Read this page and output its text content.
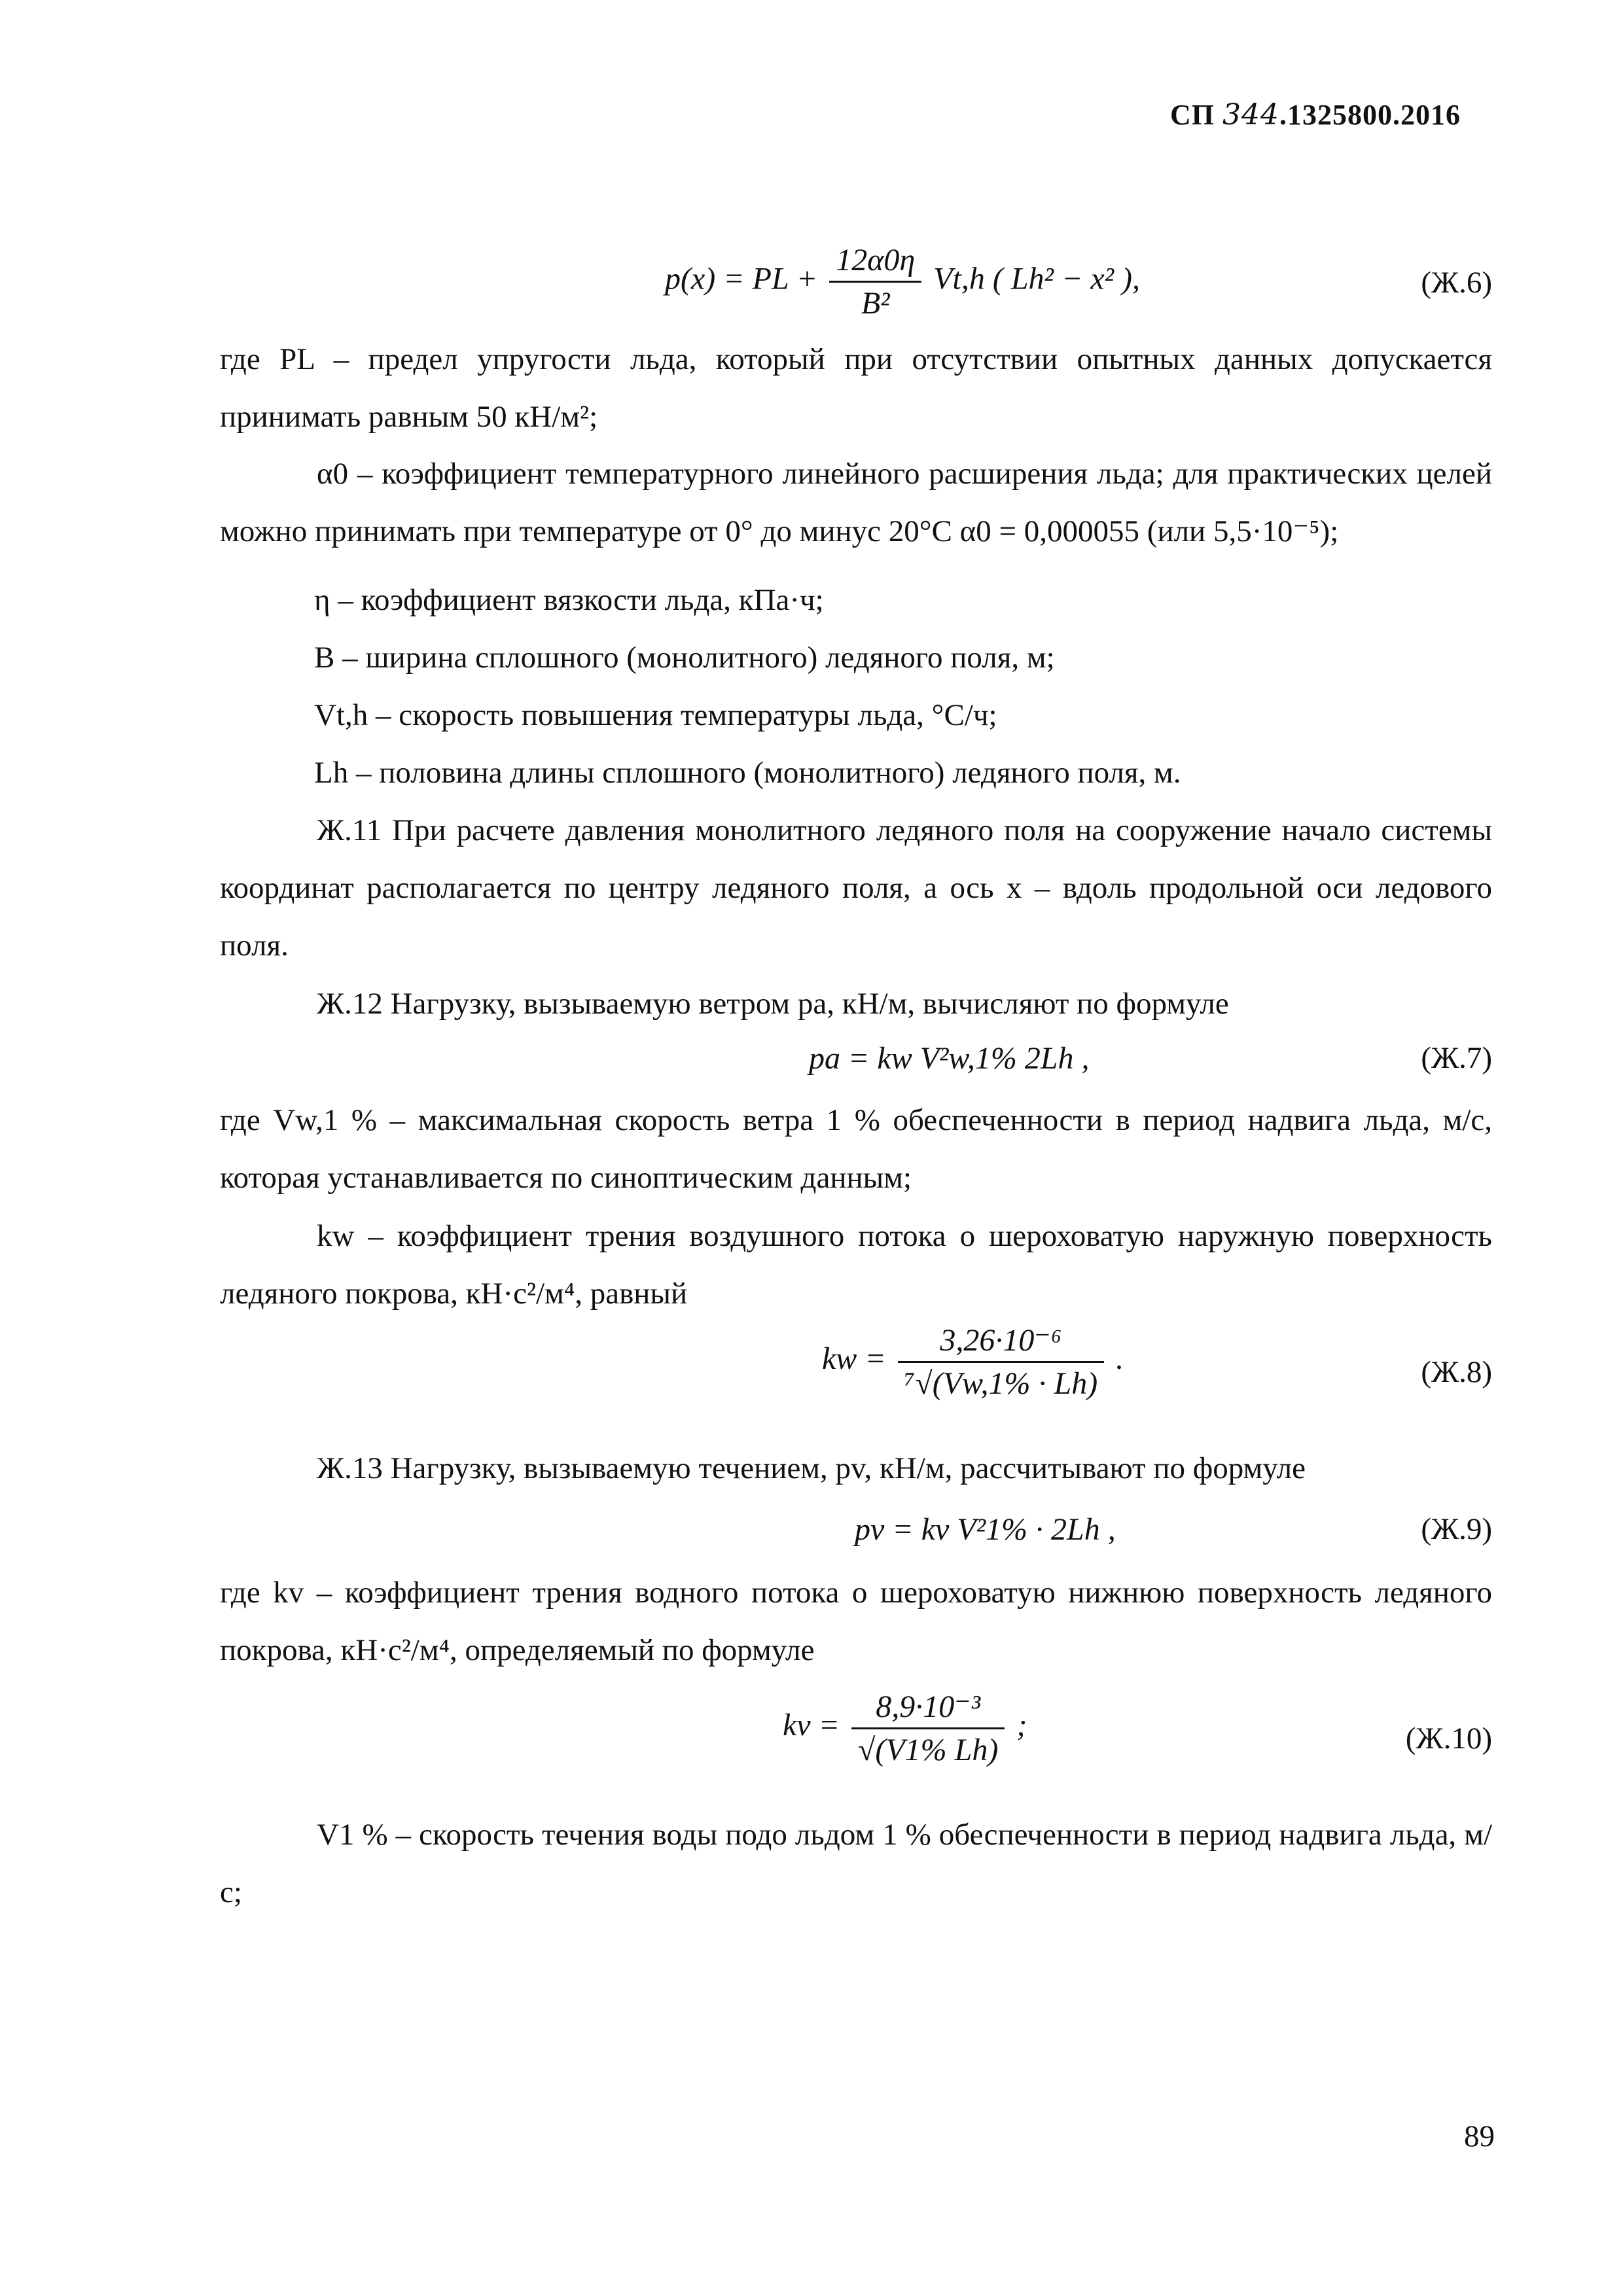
СП 344.1325800.2016
p(x) = PL + $\frac{12\alpha 0\eta}{\text{B²}} Vt,h$ ( Lh² − x² ),	(Ж.6)
где PL – предел упругости льда, который при отсутствии опытных данных допускается принимать равным 50 кН/м²;
α0 – коэффициент температурного линейного расширения льда; для практических целей можно принимать при температуре от 0° до минус 20°С α0 = 0,000055 (или 5,5·10⁻⁵);
η – коэффициент вязкости льда, кПа·ч;
B – ширина сплошного (монолитного) ледяного поля, м;
Vt,h – скорость повышения температуры льда, °С/ч;
Lh – половина длины сплошного (монолитного) ледяного поля, м.
Ж.11 При расчете давления монолитного ледяного поля на сооружение начало системы координат располагается по центру ледяного поля, а ось x – вдоль продольной оси ледового поля.
Ж.12 Нагрузку, вызываемую ветром pa, кН/м, вычисляют по формуле
pa = kw V²w,1% 2Lh ,	(Ж.7)
где Vw,1 % – максимальная скорость ветра 1 % обеспеченности в период надвига льда, м/с, которая устанавливается по синоптическим данным;
kw – коэффициент трения воздушного потока о шероховатую наружную поверхность ледяного покрова, кН·с²/м⁴, равный
kw = $\frac{\text{3,26·10⁻⁶}}{\text{⁷√(Vw,1\% · Lh)}}$ .	(Ж.8)
Ж.13 Нагрузку, вызываемую течением, pv, кН/м, рассчитывают по формуле
pv = kv V²1% · 2Lh ,	(Ж.9)
где kv – коэффициент трения водного потока о шероховатую нижнюю поверхность ледяного покрова, кН·с²/м⁴, определяемый по формуле
kv = $\frac{\text{8,9·10⁻³}}{√(V1\% Lh)}$ ;	(Ж.10)
V1 % – скорость течения воды подо льдом 1 % обеспеченности в период надвига льда, м/с;
89
